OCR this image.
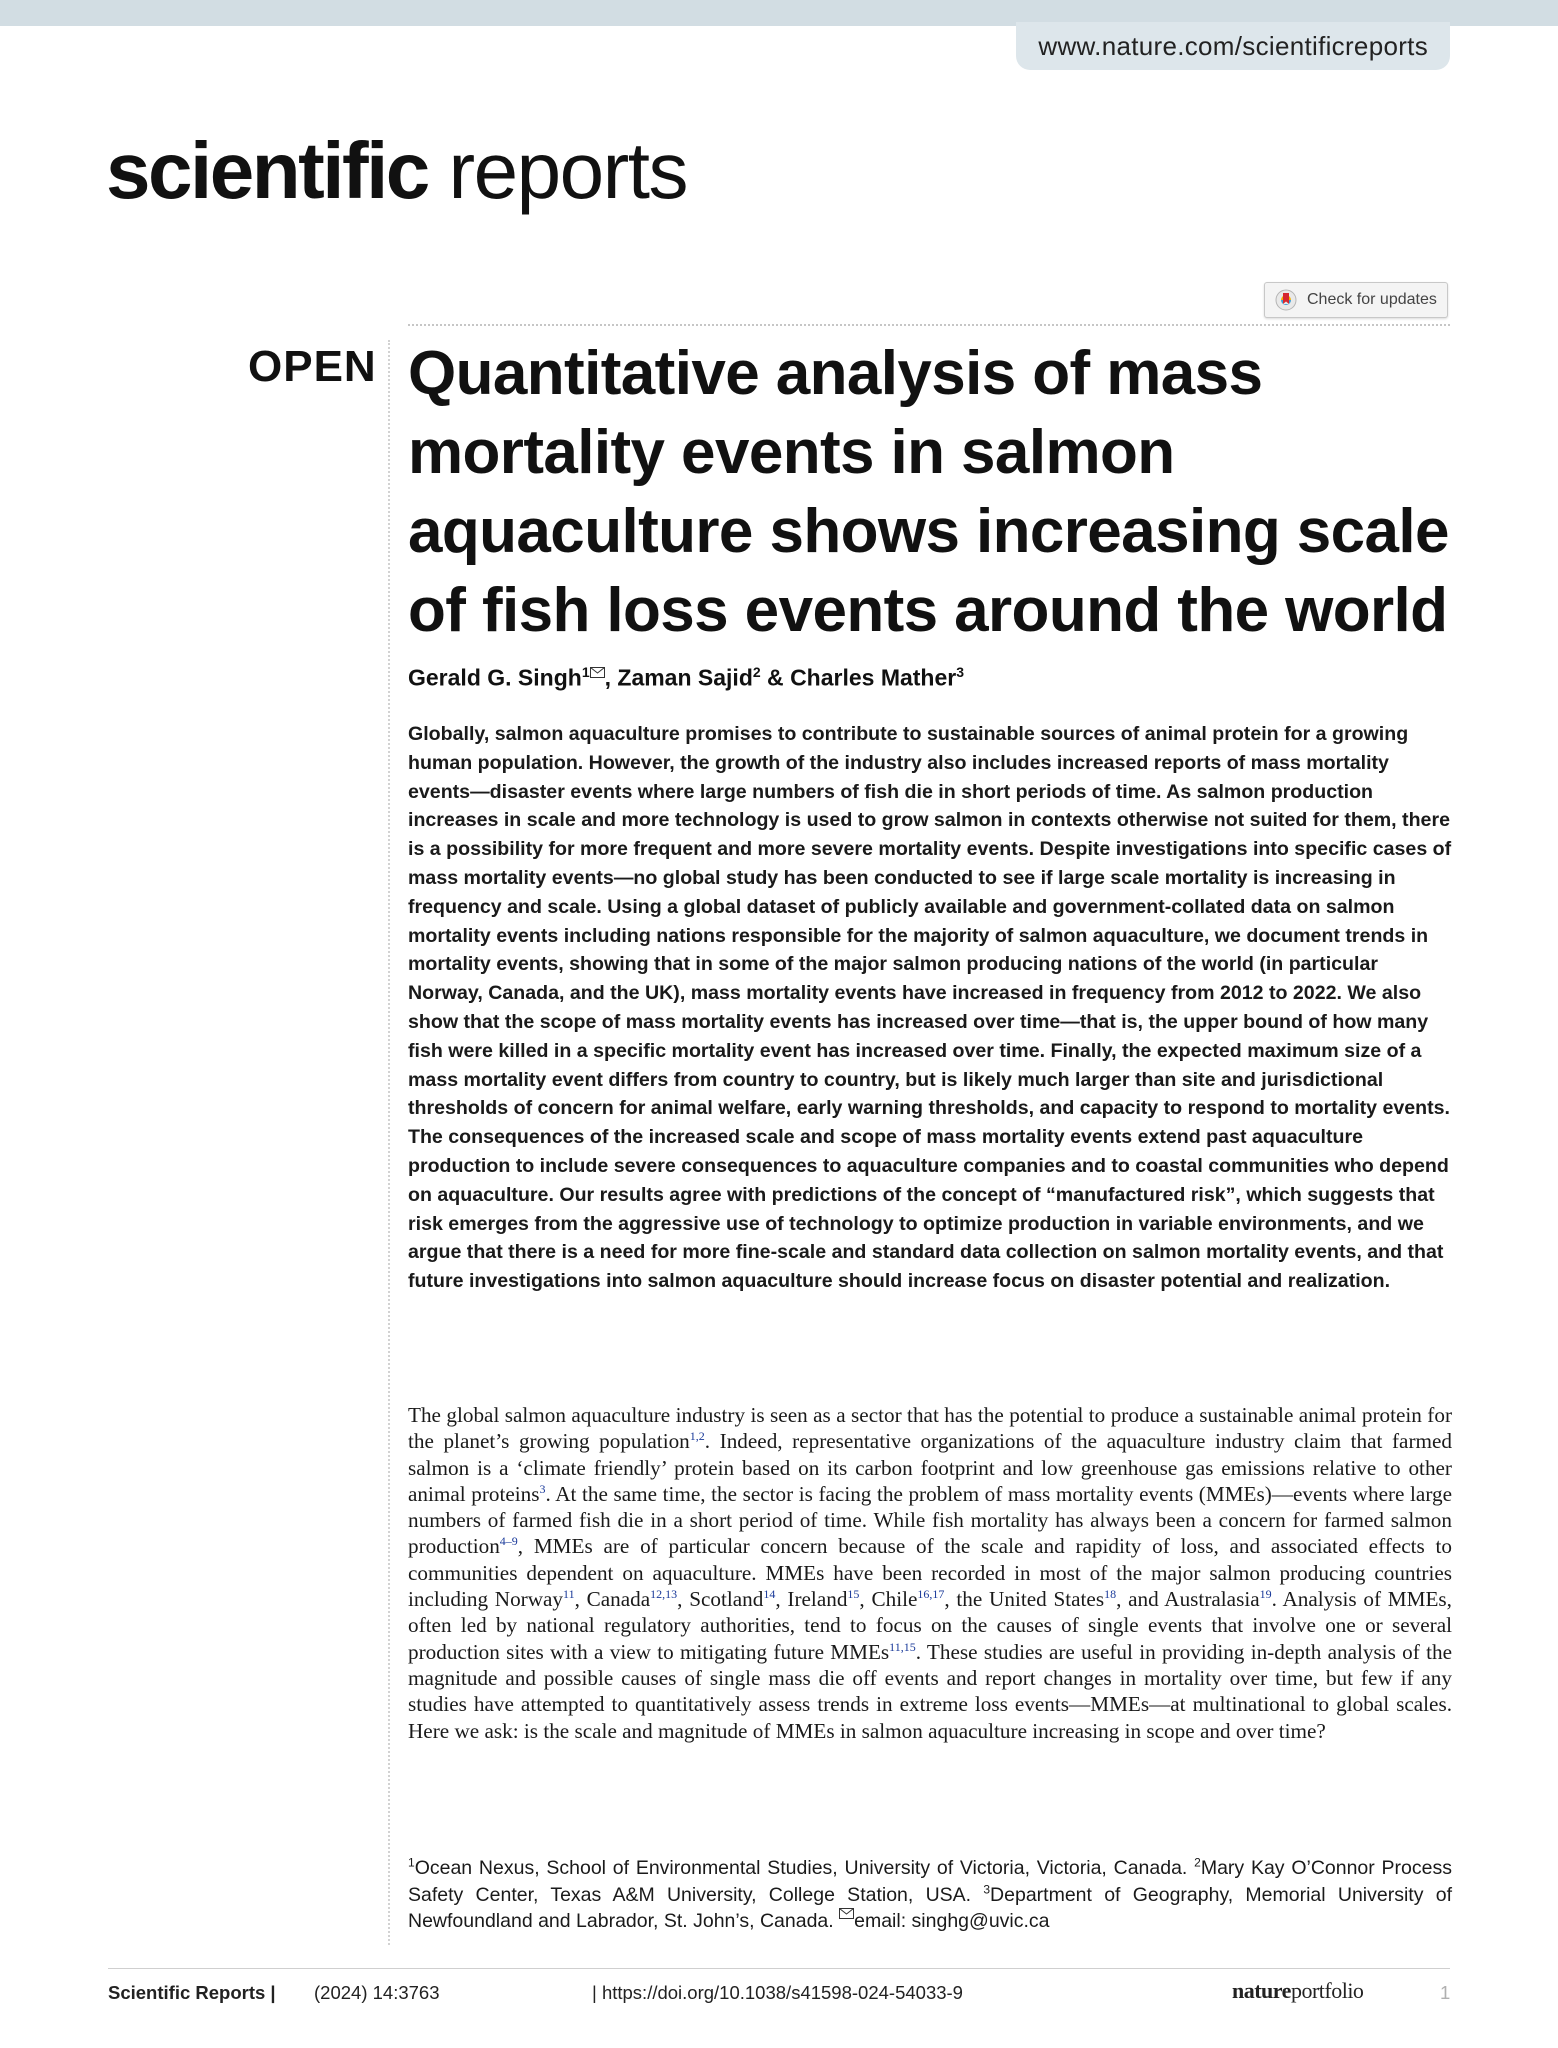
www.nature.com/scientificreports
scientific reports
Check for updates
OPEN Quantitative analysis of mass mortality events in salmon aquaculture shows increasing scale of fish loss events around the world
Gerald G. Singh$^1$ , Zaman Sajid$^2$ & Charles Mather$^3$

Globally, salmon aquaculture promises to contribute to sustainable sources of animal protein for a growing human population. However, the growth of the industry also includes increased reports of mass mortality events—disaster events where large numbers of fish die in short periods of time. As salmon production increases in scale and more technology is used to grow salmon in contexts otherwise not suited for them, there is a possibility for more frequent and more severe mortality events. Despite investigations into specific cases of mass mortality events—no global study has been conducted to see if large scale mortality is increasing in frequency and scale. Using a global dataset of publicly available and government-collated data on salmon mortality events including nations responsible for the majority of salmon aquaculture, we document trends in mortality events, showing that in some of the major salmon producing nations of the world (in particular Norway, Canada, and the UK), mass mortality events have increased in frequency from 2012 to 2022. We also show that the scope of mass mortality events has increased over time—that is, the upper bound of how many fish were killed in a specific mortality event has increased over time. Finally, the expected maximum size of a mass mortality event differs from country to country, but is likely much larger than site and jurisdictional thresholds of concern for animal welfare, early warning thresholds, and capacity to respond to mortality events. The consequences of the increased scale and scope of mass mortality events extend past aquaculture production to include severe consequences to aquaculture companies and to coastal communities who depend on aquaculture. Our results agree with predictions of the concept of “manufactured risk”, which suggests that risk emerges from the aggressive use of technology to optimize production in variable environments, and we argue that there is a need for more fine-scale and standard data collection on salmon mortality events, and that future investigations into salmon aquaculture should increase focus on disaster potential and realization.

The global salmon aquaculture industry is seen as a sector that has the potential to produce a sustainable animal protein for the planet’s growing population$^{1,2}$. Indeed, representative organizations of the aquaculture industry claim that farmed salmon is a ‘climate friendly’ protein based on its carbon footprint and low greenhouse gas emissions relative to other animal proteins$^3$. At the same time, the sector is facing the problem of mass mortality events (MMEs)—events where large numbers of farmed fish die in a short period of time. While fish mortality has always been a concern for farmed salmon production$^{4-9}$, MMEs are of particular concern because of the scale and rapidity of loss, and associated effects to communities dependent on aquaculture. MMEs have been recorded in most of the major salmon producing countries including Norway$^{11}$, Canada$^{12,13}$, Scotland$^{14}$, Ireland$^{15}$, Chile$^{16,17}$, the United States$^{18}$, and Australasia$^{19}$. Analysis of MMEs, often led by national regulatory authorities, tend to focus on the causes of single events that involve one or several production sites with a view to mitigating future MMEs$^{11,15}$. These studies are useful in providing in-depth analysis of the magnitude and possible causes of single mass die off events and report changes in mortality over time, but few if any studies have attempted to quantitatively assess trends in extreme loss events—MMEs—at multinational to global scales. Here we ask: is the scale and magnitude of MMEs in salmon aquaculture increasing in scope and over time?

$^1$Ocean Nexus, School of Environmental Studies, University of Victoria, Victoria, Canada. $^2$Mary Kay O’Connor Process Safety Center, Texas A&M University, College Station, USA. $^3$Department of Geography, Memorial University of Newfoundland and Labrador, St. John’s, Canada. email: singhg@uvic.ca

Scientific Reports | (2024) 14:3763	| https://doi.org/10.1038/s41598-024-54033-9	natureportfolio	1
